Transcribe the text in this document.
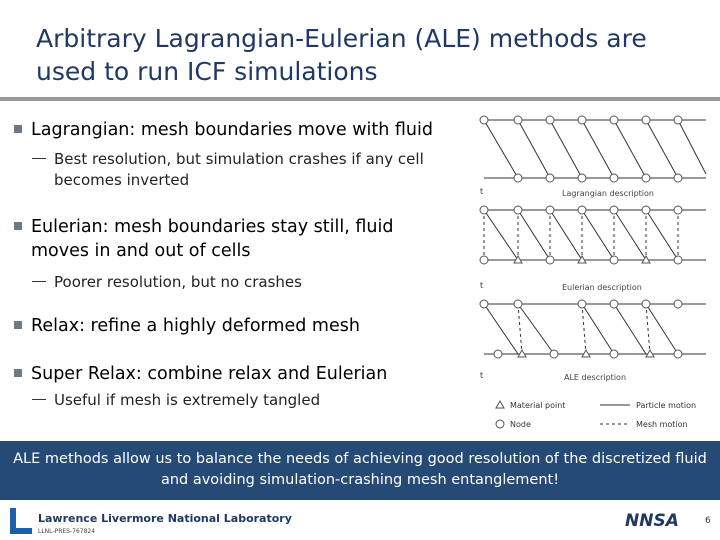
Arbitrary Lagrangian-Eulerian (ALE) methods are used to run ICF simulations
Lagrangian: mesh boundaries move with fluid
Best resolution, but simulation crashes if any cell becomes inverted
Eulerian: mesh boundaries stay still, fluid moves in and out of cells
Poorer resolution, but no crashes
Relax: refine a highly deformed mesh
Super Relax: combine relax and Eulerian
Useful if mesh is extremely tangled
t	Lagrangian description
t	Eulerian description
t	ALE description
Material point
Node
Particle motion
Mesh motion
ALE methods allow us to balance the needs of achieving good resolution of the discretized fluid and avoiding simulation-crashing mesh entanglement!
NNSA
Lawrence Livermore National Laboratory
LLNL-PRES-767824
6
